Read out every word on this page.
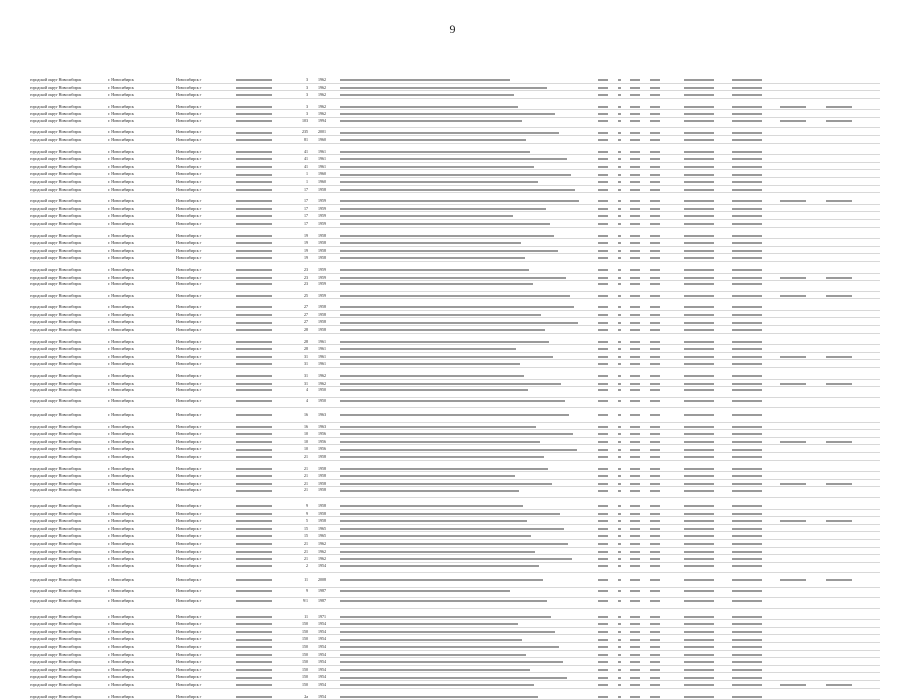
9
городской округ Новосибирск	г. Новосибирск	Новосибирск г	3	1962
городской округ Новосибирск	г. Новосибирск	Новосибирск г	3	1962
городской округ Новосибирск	г. Новосибирск	Новосибирск г	3	1962
городской округ Новосибирск	г. Новосибирск	Новосибирск г	3	1962
городской округ Новосибирск	г. Новосибирск	Новосибирск г	3	1962
городской округ Новосибирск	г. Новосибирск	Новосибирск г	103	1994
городской округ Новосибирск	г. Новосибирск	Новосибирск г	235	2001
городской округ Новосибирск	г. Новосибирск	Новосибирск г	81	1960
городской округ Новосибирск	г. Новосибирск	Новосибирск г	41	1961
городской округ Новосибирск	г. Новосибирск	Новосибирск г	41	1961
городской округ Новосибирск	г. Новосибирск	Новосибирск г	41	1961
городской округ Новосибирск	г. Новосибирск	Новосибирск г	1	1960
городской округ Новосибирск	г. Новосибирск	Новосибирск г	1	1960
городской округ Новосибирск	г. Новосибирск	Новосибирск г	17	1958
городской округ Новосибирск	г. Новосибирск	Новосибирск г	17	1959
городской округ Новосибирск	г. Новосибирск	Новосибирск г	17	1959
городской округ Новосибирск	г. Новосибирск	Новосибирск г	17	1959
городской округ Новосибирск	г. Новосибирск	Новосибирск г	17	1959
городской округ Новосибирск	г. Новосибирск	Новосибирск г	19	1958
городской округ Новосибирск	г. Новосибирск	Новосибирск г	19	1958
городской округ Новосибирск	г. Новосибирск	Новосибирск г	19	1958
городской округ Новосибирск	г. Новосибирск	Новосибирск г	19	1958
городской округ Новосибирск	г. Новосибирск	Новосибирск г	23	1959
городской округ Новосибирск	г. Новосибирск	Новосибирск г	23	1959
городской округ Новосибирск	г. Новосибирск	Новосибирск г	23	1959
городской округ Новосибирск	г. Новосибирск	Новосибирск г	25	1959
городской округ Новосибирск	г. Новосибирск	Новосибирск г	27	1958
городской округ Новосибирск	г. Новосибирск	Новосибирск г	27	1958
городской округ Новосибирск	г. Новосибирск	Новосибирск г	27	1958
городской округ Новосибирск	г. Новосибирск	Новосибирск г	28	1958
городской округ Новосибирск	г. Новосибирск	Новосибирск г	28	1961
городской округ Новосибирск	г. Новосибирск	Новосибирск г	28	1961
городской округ Новосибирск	г. Новосибирск	Новосибирск г	31	1961
городской округ Новосибирск	г. Новосибирск	Новосибирск г	31	1961
городской округ Новосибирск	г. Новосибирск	Новосибирск г	31	1962
городской округ Новосибирск	г. Новосибирск	Новосибирск г	31	1962
городской округ Новосибирск	г. Новосибирск	Новосибирск г	4	1950
городской округ Новосибирск	г. Новосибирск	Новосибирск г	4	1950
городской округ Новосибирск	г. Новосибирск	Новосибирск г	16	1963
городской округ Новосибирск	г. Новосибирск	Новосибирск г	16	1963
городской округ Новосибирск	г. Новосибирск	Новосибирск г	10	1956
городской округ Новосибирск	г. Новосибирск	Новосибирск г	10	1956
городской округ Новосибирск	г. Новосибирск	Новосибирск г	10	1956
городской округ Новосибирск	г. Новосибирск	Новосибирск г	21	1958
городской округ Новосибирск	г. Новосибирск	Новосибирск г	21	1958
городской округ Новосибирск	г. Новосибирск	Новосибирск г	21	1958
городской округ Новосибирск	г. Новосибирск	Новосибирск г	21	1958
городской округ Новосибирск	г. Новосибирск	Новосибирск г	21	1958
городской округ Новосибирск	г. Новосибирск	Новосибирск г	9	1958
городской округ Новосибирск	г. Новосибирск	Новосибирск г	9	1958
городской округ Новосибирск	г. Новосибирск	Новосибирск г	5	1958
городской округ Новосибирск	г. Новосибирск	Новосибирск г	15	1965
городской округ Новосибирск	г. Новосибирск	Новосибирск г	15	1965
городской округ Новосибирск	г. Новосибирск	Новосибирск г	21	1962
городской округ Новосибирск	г. Новосибирск	Новосибирск г	21	1962
городской округ Новосибирск	г. Новосибирск	Новосибирск г	21	1962
городской округ Новосибирск	г. Новосибирск	Новосибирск г	2	1954
городской округ Новосибирск	г. Новосибирск	Новосибирск г	11	2008
городской округ Новосибирск	г. Новосибирск	Новосибирск г	9	1987
городской округ Новосибирск	г. Новосибирск	Новосибирск г	9/1	1987
городской округ Новосибирск	г. Новосибирск	Новосибирск г	11	1971
городской округ Новосибирск	г. Новосибирск	Новосибирск г	150	1954
городской округ Новосибирск	г. Новосибирск	Новосибирск г	150	1954
городской округ Новосибирск	г. Новосибирск	Новосибирск г	150	1954
городской округ Новосибирск	г. Новосибирск	Новосибирск г	150	1954
городской округ Новосибирск	г. Новосибирск	Новосибирск г	150	1954
городской округ Новосибирск	г. Новосибирск	Новосибирск г	150	1954
городской округ Новосибирск	г. Новосибирск	Новосибирск г	150	1954
городской округ Новосибирск	г. Новосибирск	Новосибирск г	150	1954
городской округ Новосибирск	г. Новосибирск	Новосибирск г	150	1954
городской округ Новосибирск	г. Новосибирск	Новосибирск г	2a	1954
